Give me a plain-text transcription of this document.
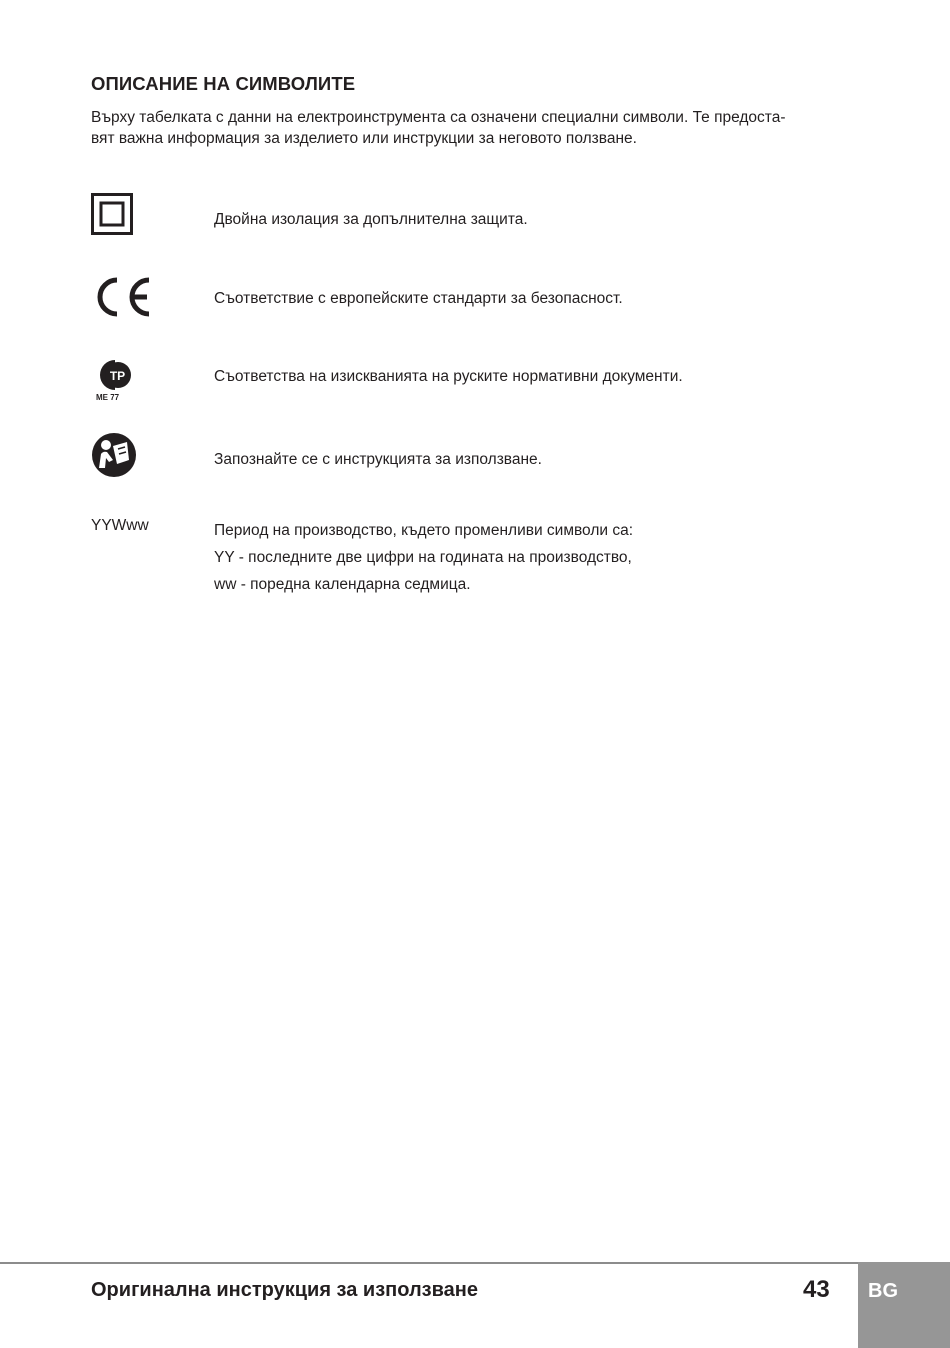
ОПИСАНИЕ НА СИМВОЛИТЕ
Върху табелката с данни на електроинструмента са означени специални символи. Те предоста-
вят важна информация за изделието или инструкции за неговото ползване.
Двойна изолация за допълнителна защита.
Съответствие с европейските стандарти за безопасност.
ТР
МЕ 77
Съответства на изискванията на руските нормативни документи.
Запознайте се с инструкцията за използване.
YYWww	Период на производство, където променливи символи са:
YY - последните две цифри на годината на производство,
ww - поредна календарна седмица.
Оригинална инструкция за използване	43 BG
